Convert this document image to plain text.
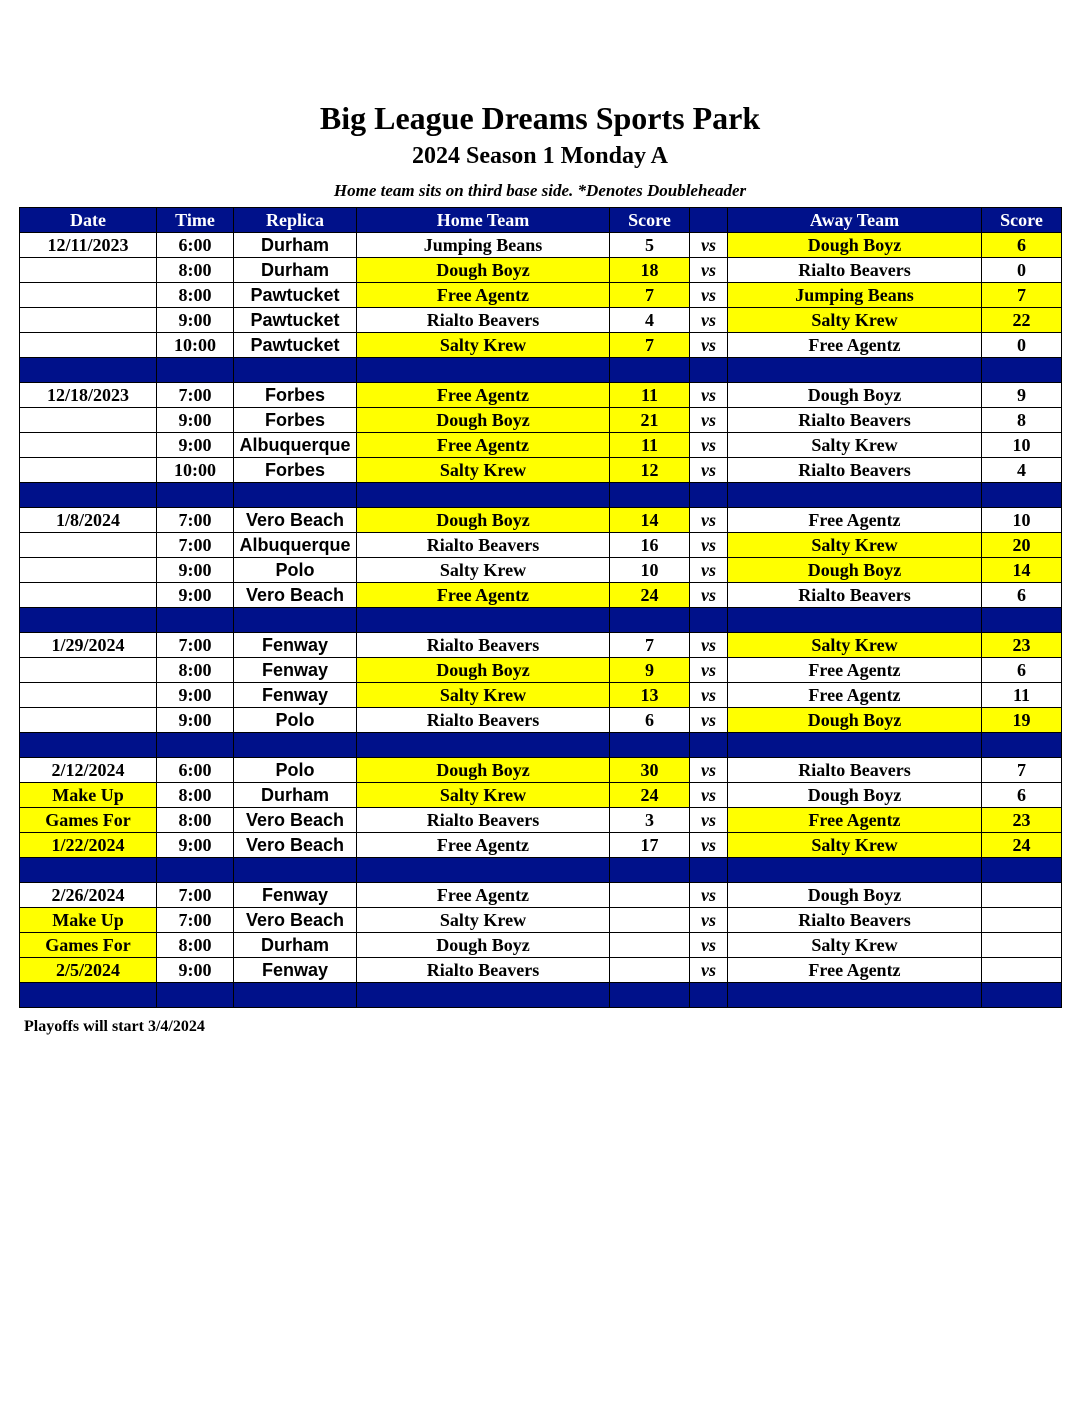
Big League Dreams Sports Park
2024 Season 1 Monday A
Home team sits on third base side. *Denotes Doubleheader
Date	Time	Replica	Home Team	Score		Away Team	Score
12/11/2023	6:00	Durham	Jumping Beans	5	vs	Dough Boyz	6
	8:00	Durham	Dough Boyz	18	vs	Rialto Beavers	0
	8:00	Pawtucket	Free Agentz	7	vs	Jumping Beans	7
	9:00	Pawtucket	Rialto Beavers	4	vs	Salty Krew	22
	10:00	Pawtucket	Salty Krew	7	vs	Free Agentz	0

12/18/2023	7:00	Forbes	Free Agentz	11	vs	Dough Boyz	9
	9:00	Forbes	Dough Boyz	21	vs	Rialto Beavers	8
	9:00	Albuquerque	Free Agentz	11	vs	Salty Krew	10
	10:00	Forbes	Salty Krew	12	vs	Rialto Beavers	4

1/8/2024	7:00	Vero Beach	Dough Boyz	14	vs	Free Agentz	10
	7:00	Albuquerque	Rialto Beavers	16	vs	Salty Krew	20
	9:00	Polo	Salty Krew	10	vs	Dough Boyz	14
	9:00	Vero Beach	Free Agentz	24	vs	Rialto Beavers	6

1/29/2024	7:00	Fenway	Rialto Beavers	7	vs	Salty Krew	23
	8:00	Fenway	Dough Boyz	9	vs	Free Agentz	6
	9:00	Fenway	Salty Krew	13	vs	Free Agentz	11
	9:00	Polo	Rialto Beavers	6	vs	Dough Boyz	19

2/12/2024	6:00	Polo	Dough Boyz	30	vs	Rialto Beavers	7
Make Up	8:00	Durham	Salty Krew	24	vs	Dough Boyz	6
Games For	8:00	Vero Beach	Rialto Beavers	3	vs	Free Agentz	23
1/22/2024	9:00	Vero Beach	Free Agentz	17	vs	Salty Krew	24

2/26/2024	7:00	Fenway	Free Agentz		vs	Dough Boyz	
Make Up	7:00	Vero Beach	Salty Krew		vs	Rialto Beavers	
Games For	8:00	Durham	Dough Boyz		vs	Salty Krew	
2/5/2024	9:00	Fenway	Rialto Beavers		vs	Free Agentz	

Playoffs will start 3/4/2024
